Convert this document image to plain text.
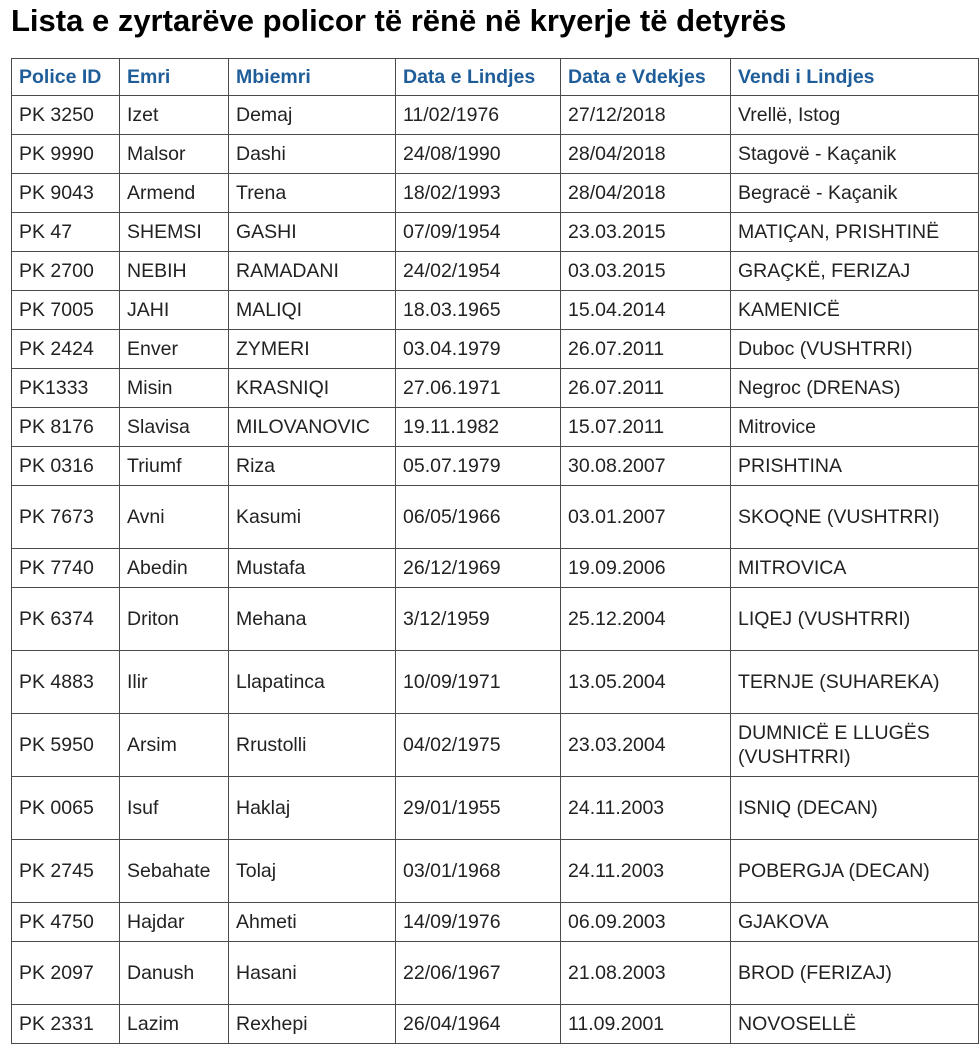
Lista e zyrtarëve policor të rënë në kryerje të detyrës
Police ID	Emri	Mbiemri	Data e Lindjes	Data e Vdekjes	Vendi i Lindjes
PK 3250	Izet	Demaj	11/02/1976	27/12/2018	Vrellë, Istog
PK 9990	Malsor	Dashi	24/08/1990	28/04/2018	Stagovë - Kaçanik
PK 9043	Armend	Trena	18/02/1993	28/04/2018	Begracë - Kaçanik
PK 47	SHEMSI	GASHI	07/09/1954	23.03.2015	MATIÇAN, PRISHTINË
PK 2700	NEBIH	RAMADANI	24/02/1954	03.03.2015	GRAÇKË, FERIZAJ
PK 7005	JAHI	MALIQI	18.03.1965	15.04.2014	KAMENICË
PK 2424	Enver	ZYMERI	03.04.1979	26.07.2011	Duboc (VUSHTRRI)
PK1333	Misin	KRASNIQI	27.06.1971	26.07.2011	Negroc (DRENAS)
PK 8176	Slavisa	MILOVANOVIC	19.11.1982	15.07.2011	Mitrovice
PK 0316	Triumf	Riza	05.07.1979	30.08.2007	PRISHTINA
PK 7673	Avni	Kasumi	06/05/1966	03.01.2007	SKOQNE (VUSHTRRI)
PK 7740	Abedin	Mustafa	26/12/1969	19.09.2006	MITROVICA
PK 6374	Driton	Mehana	3/12/1959	25.12.2004	LIQEJ (VUSHTRRI)
PK 4883	Ilir	Llapatinca	10/09/1971	13.05.2004	TERNJE (SUHAREKA)
PK 5950	Arsim	Rrustolli	04/02/1975	23.03.2004	DUMNICË E LLUGËS (VUSHTRRI)
PK 0065	Isuf	Haklaj	29/01/1955	24.11.2003	ISNIQ (DECAN)
PK 2745	Sebahate	Tolaj	03/01/1968	24.11.2003	POBERGJA (DECAN)
PK 4750	Hajdar	Ahmeti	14/09/1976	06.09.2003	GJAKOVA
PK 2097	Danush	Hasani	22/06/1967	21.08.2003	BROD (FERIZAJ)
PK 2331	Lazim	Rexhepi	26/04/1964	11.09.2001	NOVOSELLË
